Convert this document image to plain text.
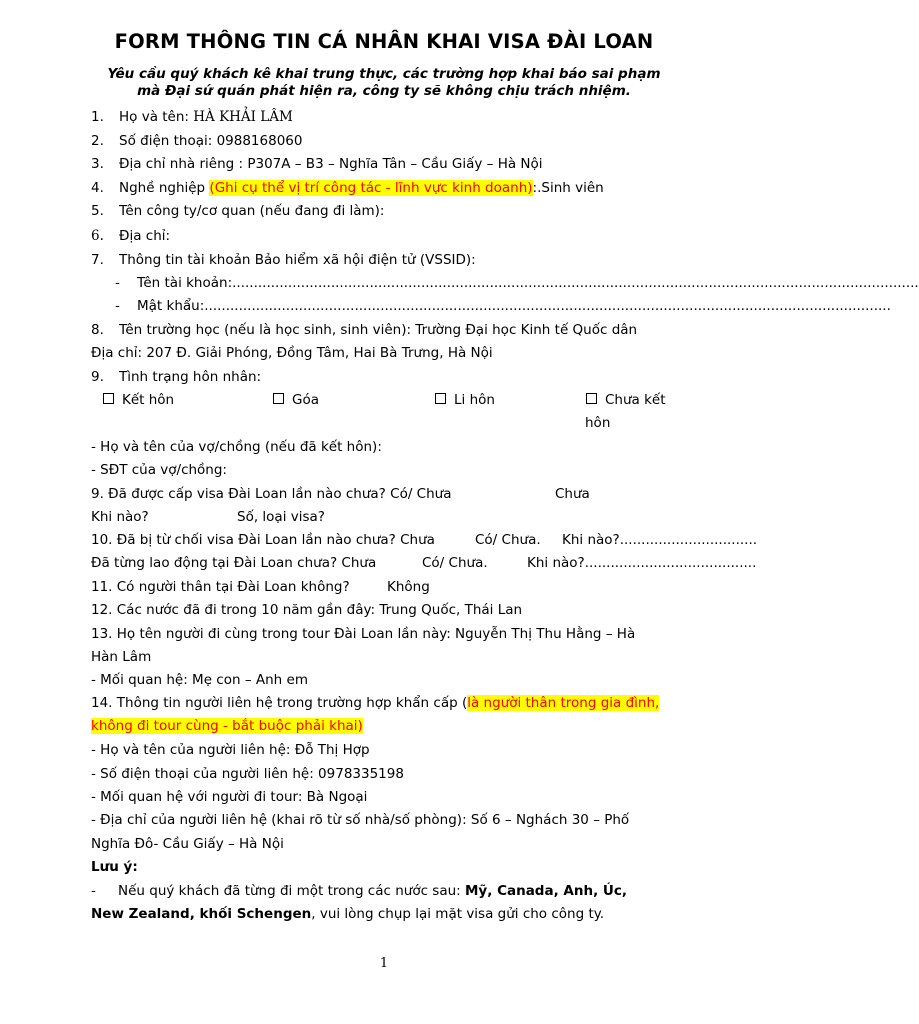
FORM THÔNG TIN CÁ NHÂN KHAI VISA ĐÀI LOAN
Yêu cầu quý khách kê khai trung thực, các trường hợp khai báo sai phạm
mà Đại sứ quán phát hiện ra, công ty sẽ không chịu trách nhiệm.
1. Họ và tên: HÀ KHẢI LÂM
2. Số điện thoại: 0988168060
3. Địa chỉ nhà riêng : P307A – B3 – Nghĩa Tân – Cầu Giấy – Hà Nội
4. Nghề nghiệp (Ghi cụ thể vị trí công tác - lĩnh vực kinh doanh):.Sinh viên
5. Tên công ty/cơ quan (nếu đang đi làm):
6. Địa chỉ:
7. Thông tin tài khoản Bảo hiểm xã hội điện tử (VSSID):
- Tên tài khoản:................................................................................................................................................................
- Mật khẩu:................................................................................................................................................................
8. Tên trường học (nếu là học sinh, sinh viên): Trường Đại học Kinh tế Quốc dân
Địa chỉ: 207 Đ. Giải Phóng, Đồng Tâm, Hai Bà Trưng, Hà Nội
9. Tình trạng hôn nhân:
Kết hôn	Góa	Li hôn	Chưa kết
hôn
- Họ và tên của vợ/chồng (nếu đã kết hôn):
- SĐT của vợ/chồng:
9. Đã được cấp visa Đài Loan lần nào chưa? Có/ Chưa	Chưa
Khi nào?	Số, loại visa?
10. Đã bị từ chối visa Đài Loan lần nào chưa? Chưa	Có/ Chưa. Khi nào?................................
Đã từng lao động tại Đài Loan chưa? Chưa	Có/ Chưa.	Khi nào?........................................
11. Có người thân tại Đài Loan không?	Không
12. Các nước đã đi trong 10 năm gần đây: Trung Quốc, Thái Lan
13. Họ tên người đi cùng trong tour Đài Loan lần này: Nguyễn Thị Thu Hằng – Hà
Hàn Lâm
- Mối quan hệ: Mẹ con – Anh em
14. Thông tin người liên hệ trong trường hợp khẩn cấp (là người thân trong gia đình,
không đi tour cùng - bắt buộc phải khai)
- Họ và tên của người liên hệ: Đỗ Thị Hợp
- Số điện thoại của người liên hệ: 0978335198
- Mối quan hệ với người đi tour: Bà Ngoại
- Địa chỉ của người liên hệ (khai rõ từ số nhà/số phòng): Số 6 – Nghách 30 – Phố
Nghĩa Đô- Cầu Giấy – Hà Nội
Lưu ý:
- Nếu quý khách đã từng đi một trong các nước sau: Mỹ, Canada, Anh, Úc,
New Zealand, khối Schengen, vui lòng chụp lại mặt visa gửi cho công ty.
1
